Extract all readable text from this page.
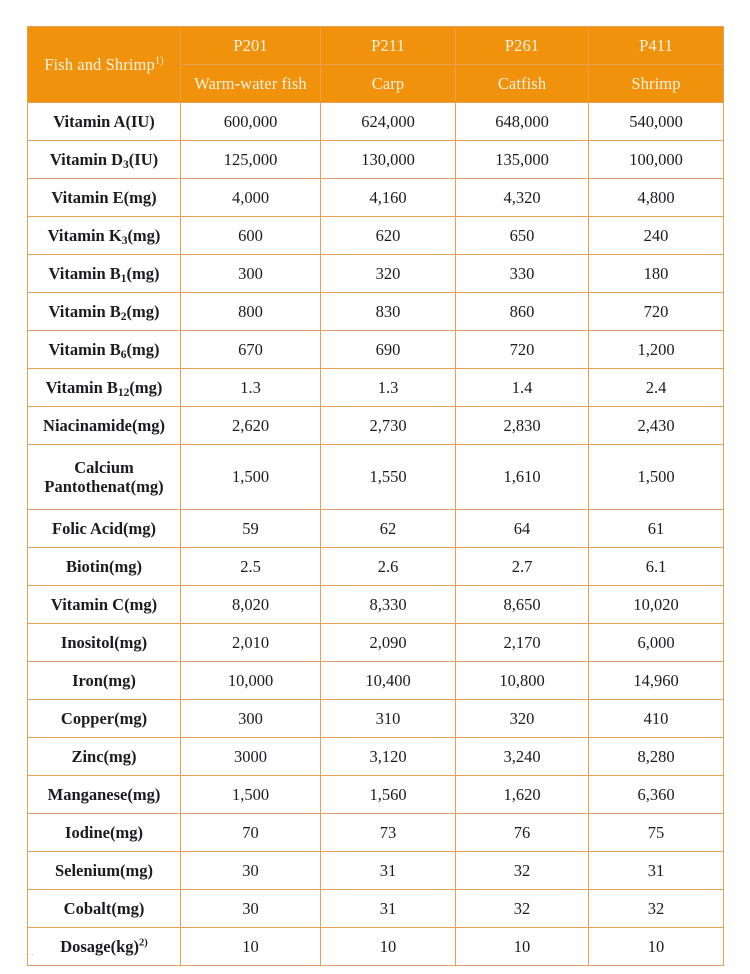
Fish and Shrimp$^{1)}$	P201	P211	P261	P411
	Warm-water fish	Carp	Catfish	Shrimp
Vitamin A(IU)	600,000	624,000	648,000	540,000
Vitamin $D_3(IU)$	125,000	130,000	135,000	100,000
Vitamin E(mg)	4,000	4,160	4,320	4,800
Vitamin $K_3(mg)$	600	620	650	240
Vitamin $B_1(mg)$	300	320	330	180
Vitamin $B_2(mg)$	800	830	860	720
Vitamin $B_6(mg)$	670	690	720	1,200
Vitamin $B_{12}(mg)$	1.3	1.3	1.4	2.4
Niacinamide(mg)	2,620	2,730	2,830	2,430
Calcium Pantothenat(mg)	1,500	1,550	1,610	1,500
Folic Acid(mg)	59	62	64	61
Biotin(mg)	2.5	2.6	2.7	6.1
Vitamin C(mg)	8,020	8,330	8,650	10,020
Inositol(mg)	2,010	2,090	2,170	6,000
Iron(mg)	10,000	10,400	10,800	14,960
Copper(mg)	300	310	320	410
Zinc(mg)	3000	3,120	3,240	8,280
Manganese(mg)	1,500	1,560	1,620	6,360
Iodine(mg)	70	73	76	75
Selenium(mg)	30	31	32	31
Cobalt(mg)	30	31	32	32
Dosage(kg)$^{2)}$	10	10	10	10
..
